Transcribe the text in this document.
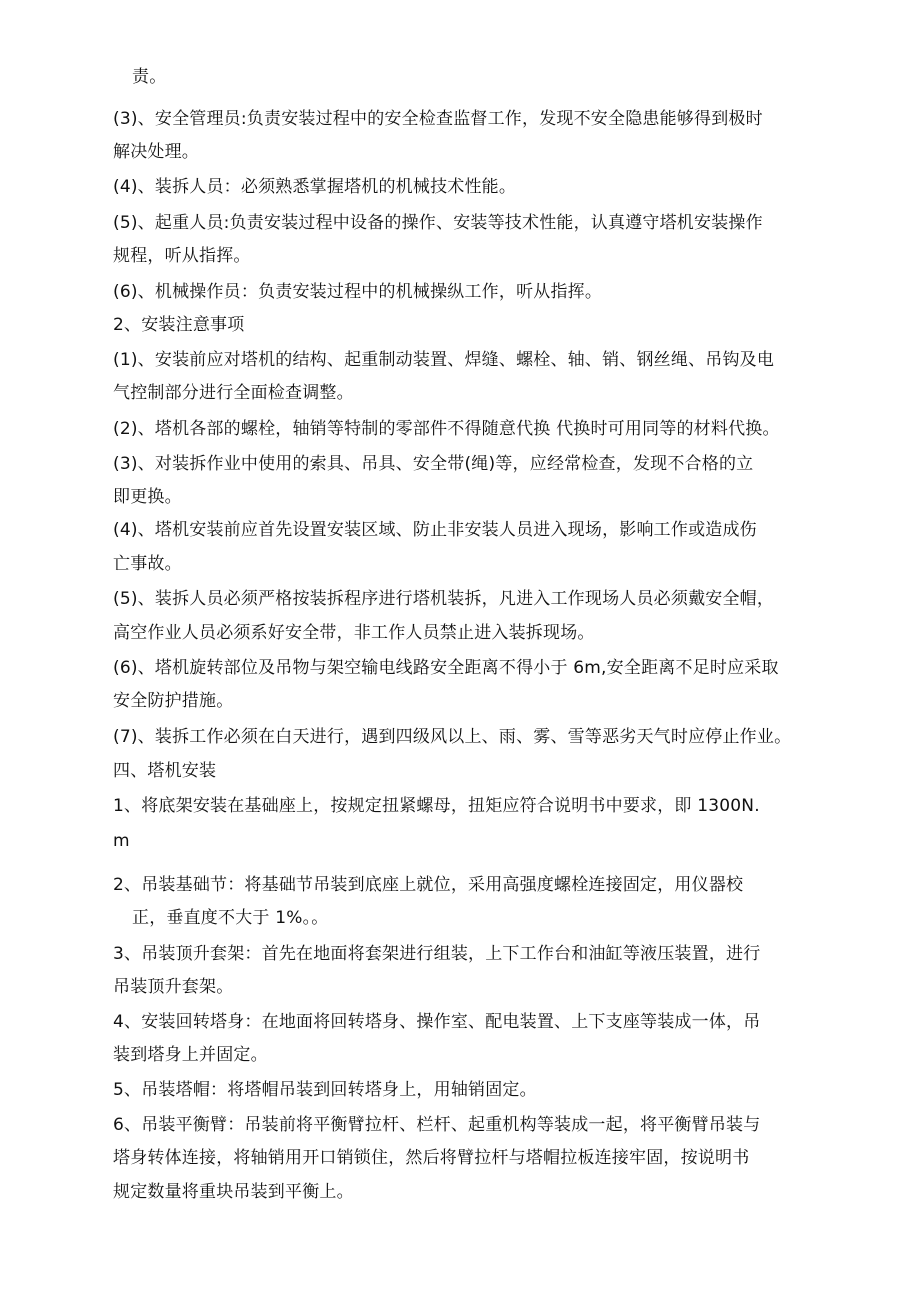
责。
(3)、安全管理员:负责安装过程中的安全检查监督工作，发现不安全隐患能够得到极时
解决处理。
(4)、装拆人员：必须熟悉掌握塔机的机械技术性能。
(5)、起重人员:负责安装过程中设备的操作、安装等技术性能，认真遵守塔机安装操作
规程，听从指挥。
(6)、机械操作员：负责安装过程中的机械操纵工作，听从指挥。
2、安装注意事项
(1)、安装前应对塔机的结构、起重制动装置、焊缝、螺栓、轴、销、钢丝绳、吊钩及电
气控制部分进行全面检查调整。
(2)、塔机各部的螺栓，轴销等特制的零部件不得随意代换 代换时可用同等的材料代换。
(3)、对装拆作业中使用的索具、吊具、安全带(绳)等，应经常检查，发现不合格的立
即更换。
(4)、塔机安装前应首先设置安装区域、防止非安装人员进入现场，影响工作或造成伤
亡事故。
(5)、装拆人员必须严格按装拆程序进行塔机装拆，凡进入工作现场人员必须戴安全帽，
高空作业人员必须系好安全带，非工作人员禁止进入装拆现场。
(6)、塔机旋转部位及吊物与架空输电线路安全距离不得小于 6m,安全距离不足时应采取
安全防护措施。
(7)、装拆工作必须在白天进行，遇到四级风以上、雨、雾、雪等恶劣天气时应停止作业。
四、塔机安装
1、将底架安装在基础座上，按规定扭紧螺母，扭矩应符合说明书中要求，即 1300N.
m
2、吊装基础节：将基础节吊装到底座上就位，采用高强度螺栓连接固定，用仪器校
正，垂直度不大于 1%。。
3、吊装顶升套架：首先在地面将套架进行组装，上下工作台和油缸等液压装置，进行
吊装顶升套架。
4、安装回转塔身：在地面将回转塔身、操作室、配电装置、上下支座等装成一体，吊
装到塔身上并固定。
5、吊装塔帽：将塔帽吊装到回转塔身上，用轴销固定。
6、吊装平衡臂：吊装前将平衡臂拉杆、栏杆、起重机构等装成一起，将平衡臂吊装与
塔身转体连接，将轴销用开口销锁住，然后将臂拉杆与塔帽拉板连接牢固，按说明书
规定数量将重块吊装到平衡上。
